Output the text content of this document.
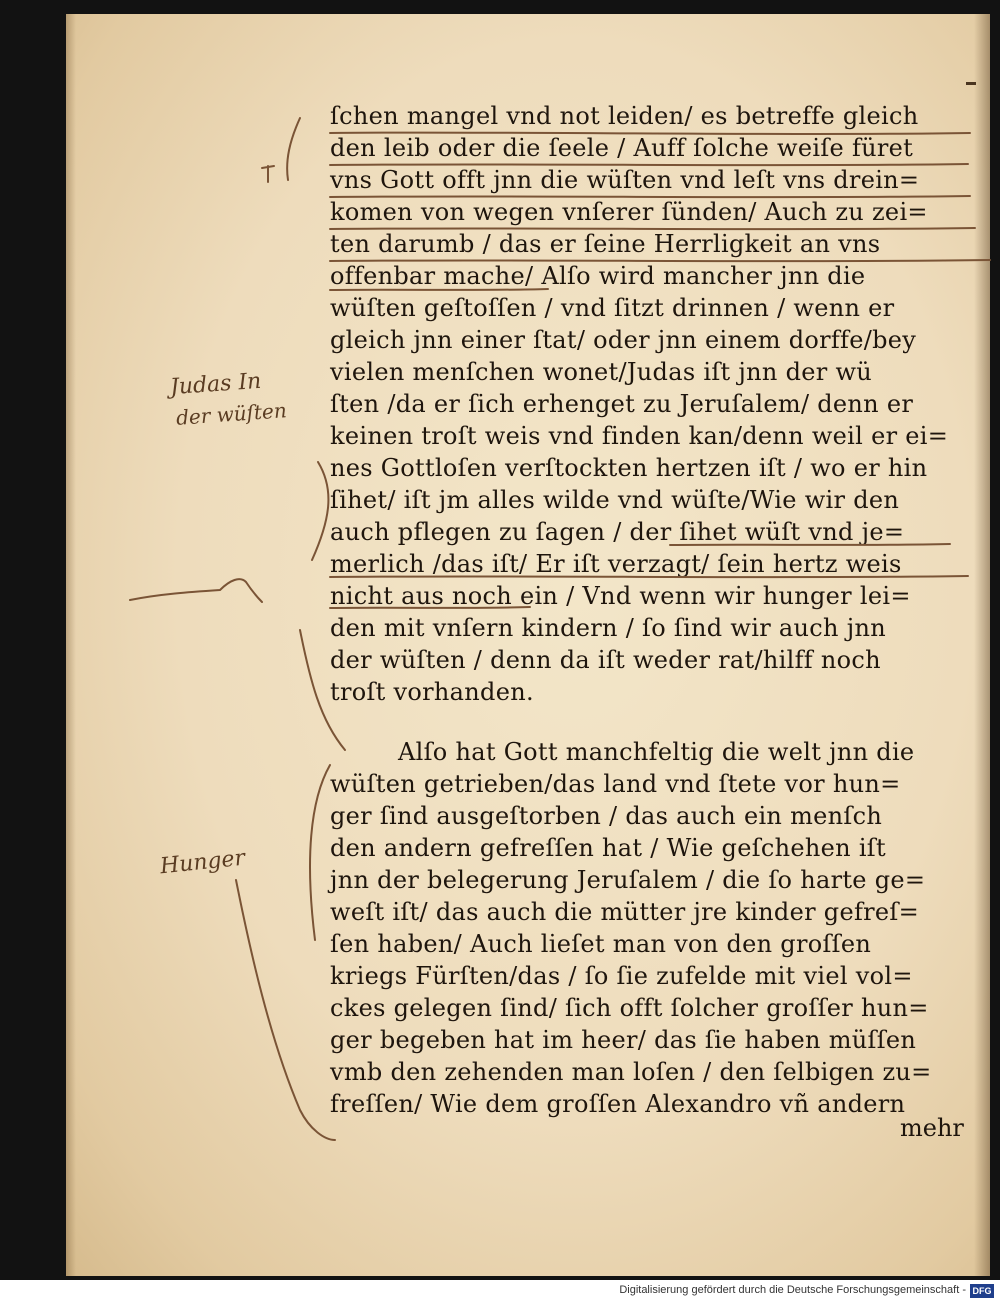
ſchen mangel vnd not leiden/ es betreffe gleich
den leib oder die ſeele / Auff ſolche weiſe füret
vns Gott offt jnn die wüſten vnd leſt vns drein=
komen von wegen vnſerer ſünden/ Auch zu zei=
ten darumb / das er ſeine Herrligkeit an vns
offenbar mache/ Alſo wird mancher jnn die
wüſten geſtoſſen / vnd ſitzt drinnen / wenn er
gleich jnn einer ſtat/ oder jnn einem dorffe/bey
vielen menſchen wonet/Judas iſt jnn der wü
ſten /da er ſich erhenget zu Jeruſalem/ denn er
keinen troſt weis vnd finden kan/denn weil er ei=
nes Gottloſen verſtockten hertzen iſt / wo er hin
ſihet/ iſt jm alles wilde vnd wüſte/Wie wir den
auch pflegen zu ſagen / der ſihet wüſt vnd je=
merlich /das iſt/ Er iſt verzagt/ ſein hertz weis
nicht aus noch ein / Vnd wenn wir hunger lei=
den mit vnſern kindern / ſo ſind wir auch jnn
der wüſten / denn da iſt weder rat/hilff noch
troſt vorhanden.
Alſo hat Gott manchfeltig die welt jnn die
wüſten getrieben/das land vnd ſtete vor hun=
ger ſind ausgeſtorben / das auch ein menſch
den andern gefreſſen hat / Wie geſchehen iſt
jnn der belegerung Jeruſalem / die ſo harte ge=
weſt iſt/ das auch die mütter jre kinder gefreſ=
ſen haben/ Auch lieſet man von den groſſen
kriegs Fürſten/das / ſo ſie zufelde mit viel vol=
ckes gelegen ſind/ ſich offt ſolcher groſſer hun=
ger begeben hat im heer/ das ſie haben müſſen
vmb den zehenden man loſen / den ſelbigen zu=
freſſen/ Wie dem groſſen Alexandro vñ andern
mehr
Judas In
der wüſten
Hunger
Digitalisierung gefördert durch die Deutsche Forschungsgemeinschaft - DFG
